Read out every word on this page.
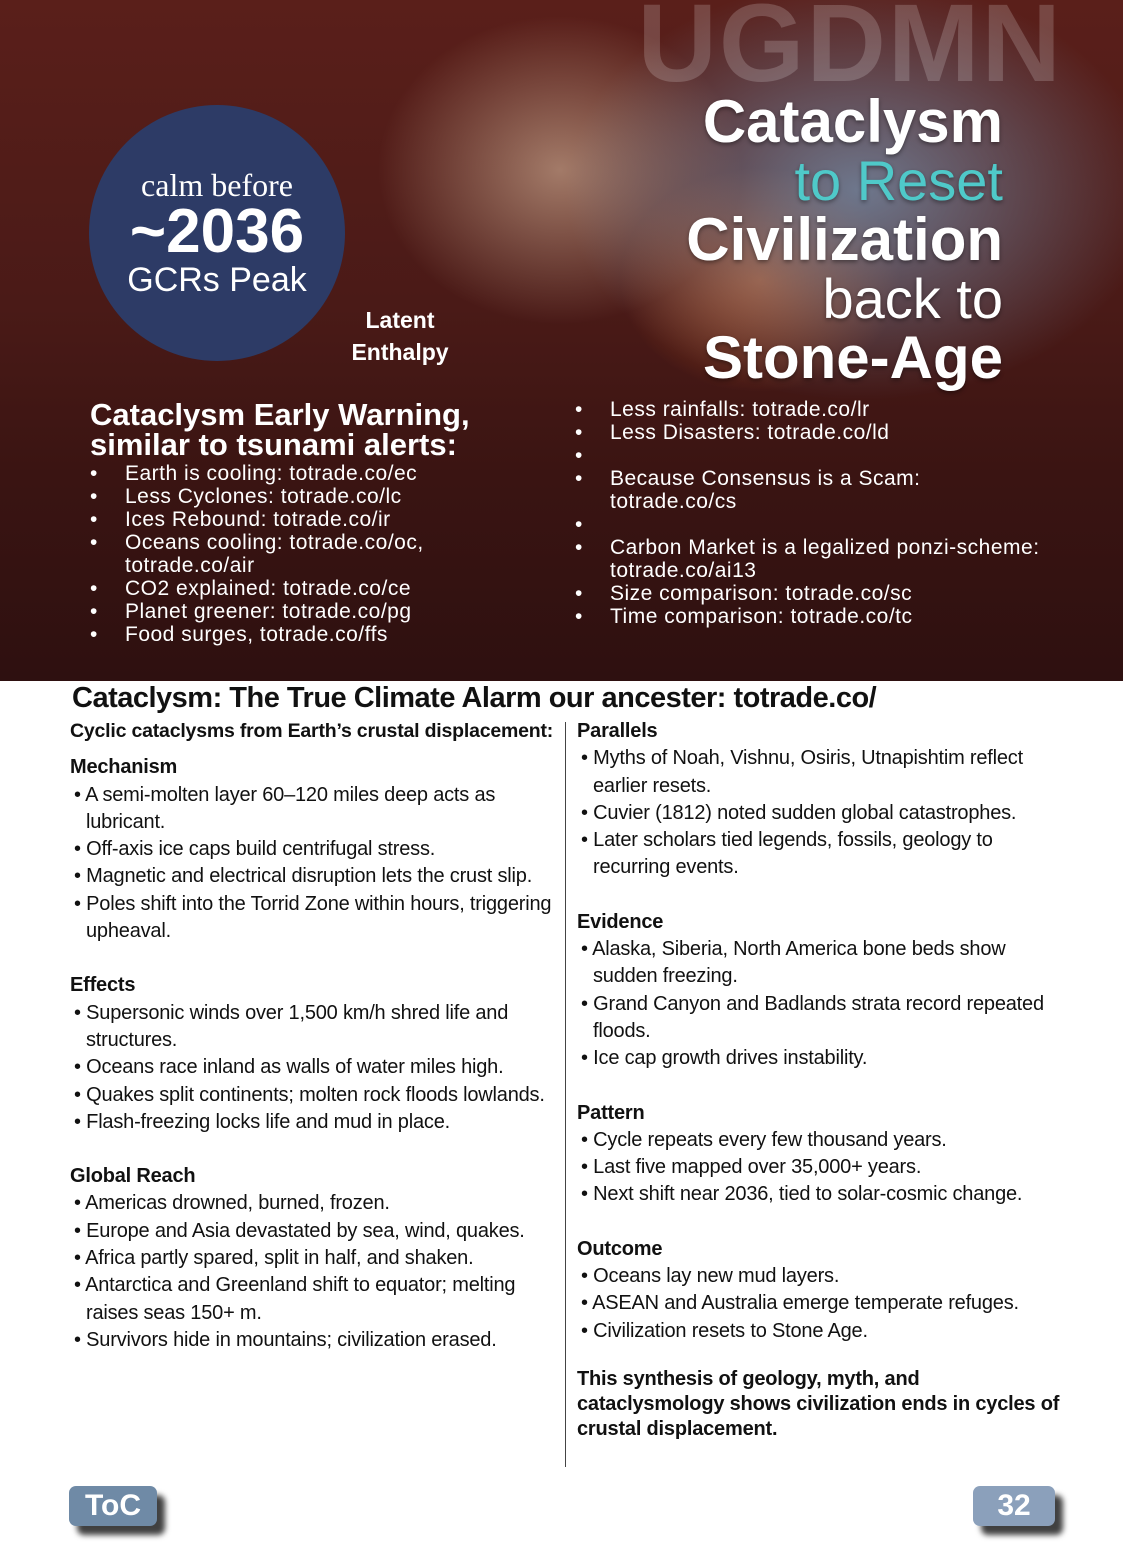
UGDMN
calm before
~2036
GCRs Peak
Latent Enthalpy
Cataclysm
to Reset
Civilization
back to
Stone-Age
Cataclysm Early Warning, similar to tsunami alerts:
• Earth is cooling: totrade.co/ec
• Less Cyclones: totrade.co/lc
• Ices Rebound: totrade.co/ir
• Oceans cooling: totrade.co/oc, totrade.co/air
• CO2 explained: totrade.co/ce
• Planet greener: totrade.co/pg
• Food surges, totrade.co/ffs
• Less rainfalls: totrade.co/lr
• Less Disasters: totrade.co/ld
•
• Because Consensus is a Scam: totrade.co/cs
•
• Carbon Market is a legalized ponzi-scheme: totrade.co/ai13
• Size comparison: totrade.co/sc
• Time comparison: totrade.co/tc
Cataclysm: The True Climate Alarm our ancester: totrade.co/
Cyclic cataclysms from Earth’s crustal displacement:
Mechanism
• A semi-molten layer 60–120 miles deep acts as lubricant.
• Off-axis ice caps build centrifugal stress.
• Magnetic and electrical disruption lets the crust slip.
• Poles shift into the Torrid Zone within hours, triggering upheaval.
Effects
• Supersonic winds over 1,500 km/h shred life and structures.
• Oceans race inland as walls of water miles high.
• Quakes split continents; molten rock floods lowlands.
• Flash-freezing locks life and mud in place.
Global Reach
• Americas drowned, burned, frozen.
• Europe and Asia devastated by sea, wind, quakes.
• Africa partly spared, split in half, and shaken.
• Antarctica and Greenland shift to equator; melting raises seas 150+ m.
• Survivors hide in mountains; civilization erased.
Parallels
• Myths of Noah, Vishnu, Osiris, Utnapishtim reflect earlier resets.
• Cuvier (1812) noted sudden global catastrophes.
• Later scholars tied legends, fossils, geology to recurring events.
Evidence
• Alaska, Siberia, North America bone beds show sudden freezing.
• Grand Canyon and Badlands strata record repeated floods.
• Ice cap growth drives instability.
Pattern
• Cycle repeats every few thousand years.
• Last five mapped over 35,000+ years.
• Next shift near 2036, tied to solar-cosmic change.
Outcome
• Oceans lay new mud layers.
• ASEAN and Australia emerge temperate refuges.
• Civilization resets to Stone Age.
This synthesis of geology, myth, and cataclysmology shows civilization ends in cycles of crustal displacement.
ToC	32
